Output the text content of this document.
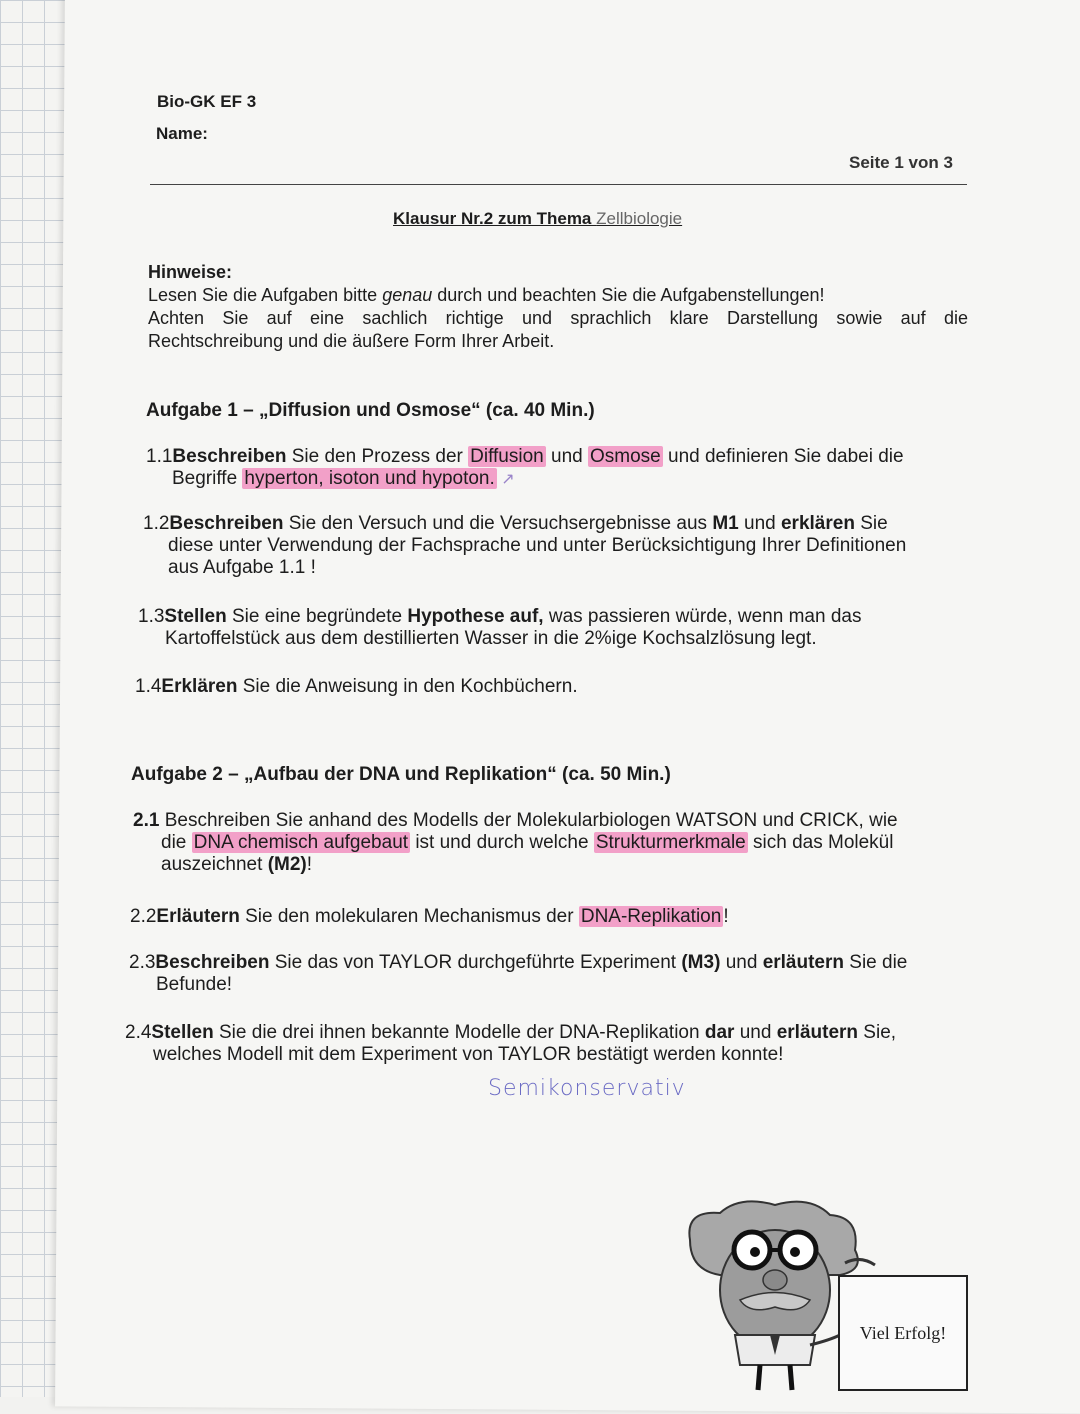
Bio-GK EF 3
Name:
Seite 1 von 3
Klausur Nr.2 zum Thema Zellbiologie
Hinweise:
Lesen Sie die Aufgaben bitte genau durch und beachten Sie die Aufgabenstellungen!
Achten Sie auf eine sachlich richtige und sprachlich klare Darstellung sowie auf die
Rechtschreibung und die äußere Form Ihrer Arbeit.
Aufgabe 1 – „Diffusion und Osmose“ (ca. 40 Min.)
1.1Beschreiben Sie den Prozess der Diffusion und Osmose und definieren Sie dabei die
Begriffe hyperton, isoton und hypoton. ↗
1.2Beschreiben Sie den Versuch und die Versuchsergebnisse aus M1 und erklären Sie
diese unter Verwendung der Fachsprache und unter Berücksichtigung Ihrer Definitionen
aus Aufgabe 1.1 !
1.3Stellen Sie eine begründete Hypothese auf, was passieren würde, wenn man das
Kartoffelstück aus dem destillierten Wasser in die 2%ige Kochsalzlösung legt.
1.4Erklären Sie die Anweisung in den Kochbüchern.
Aufgabe 2 – „Aufbau der DNA und Replikation“ (ca. 50 Min.)
2.1 Beschreiben Sie anhand des Modells der Molekularbiologen WATSON und CRICK, wie
die DNA chemisch aufgebaut ist und durch welche Strukturmerkmale sich das Molekül
auszeichnet (M2)!
2.2Erläutern Sie den molekularen Mechanismus der DNA-Replikation !
2.3Beschreiben Sie das von TAYLOR durchgeführte Experiment (M3) und erläutern Sie die
Befunde!
2.4Stellen Sie die drei ihnen bekannte Modelle der DNA-Replikation dar und erläutern Sie,
welches Modell mit dem Experiment von TAYLOR bestätigt werden konnte!
Semikonservativ
Viel Erfolg!
